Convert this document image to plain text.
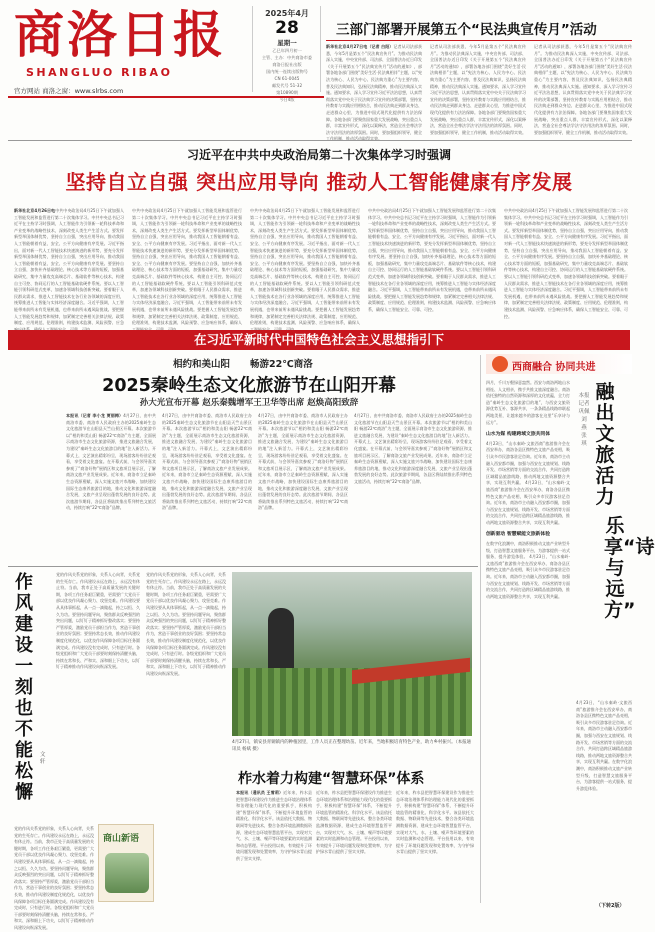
商洛日报
SHANGLUO RIBAO
官方网站 商洛之窗：www.slrbs.com
2025年4月
28
星期一
乙巳年四月初一
主管、主办：中共商洛市委
商洛日报社出版
国内统一连续出版物号
CN 61-0045
邮发代号 51-32
第10890期
今日4版
三部门部署开展第五个“民法典宣传月”活动
新华社北京4月27日电（记者 白阳）记者从司法部获悉，今年5月是第五个“民法典宣传月”。为推动民法典深入实施，中央宣传部、司法部、全国普法办近日印发《关于开展第五个“民法典宣传月”活动的通知》，部署各地各部门围绕“美好生活·民法典相伴”主题，以“宪法为核心、人民为中心、民法典为重心”为主要内容，普及民法典知识，弘扬民法典精神，推动民法典深入实施。通知要求，深入学习宣传习近平法治思想，认真贯彻落实党中央关于民法典学习宣传的决策部署，坚持宣传教育与实践应用相结合，推动民法典走到群众身边、走进群众心里，为推进中国式现代化提供有力法治保障。各地各部门要聚焦国家重大发展战略，突出重点人群，丰富宣传形式，深化以案释法，营造全社会尊法学法守法用法的浓厚氛围。同时，要加强组织领导，健全工作机制，推动活动取得实效。
记者从司法部获悉，今年5月是第五个“民法典宣传月”。为推动民法典深入实施，中央宣传部、司法部、全国普法办近日印发《关于开展第五个“民法典宣传月”活动的通知》，部署各地各部门围绕“美好生活·民法典相伴”主题，以“宪法为核心、人民为中心、民法典为重心”为主要内容，普及民法典知识，弘扬民法典精神，推动民法典深入实施。通知要求，深入学习宣传习近平法治思想，认真贯彻落实党中央关于民法典学习宣传的决策部署，坚持宣传教育与实践应用相结合，推动民法典走到群众身边、走进群众心里，为推进中国式现代化提供有力法治保障。各地各部门要聚焦国家重大发展战略，突出重点人群，丰富宣传形式，深化以案释法，营造全社会尊法学法守法用法的浓厚氛围。同时，要加强组织领导，健全工作机制，推动活动取得实效。
记者从司法部获悉，今年5月是第五个“民法典宣传月”。为推动民法典深入实施，中央宣传部、司法部、全国普法办近日印发《关于开展第五个“民法典宣传月”活动的通知》，部署各地各部门围绕“美好生活·民法典相伴”主题，以“宪法为核心、人民为中心、民法典为重心”为主要内容，普及民法典知识，弘扬民法典精神，推动民法典深入实施。通知要求，深入学习宣传习近平法治思想，认真贯彻落实党中央关于民法典学习宣传的决策部署，坚持宣传教育与实践应用相结合，推动民法典走到群众身边、走进群众心里，为推进中国式现代化提供有力法治保障。各地各部门要聚焦国家重大发展战略，突出重点人群，丰富宣传形式，深化以案释法，营造全社会尊法学法守法用法的浓厚氛围。同时，要加强组织领导，健全工作机制，推动活动取得实效。
习近平在中共中央政治局第二十次集体学习时强调
坚持自立自强 突出应用导向 推动人工智能健康有序发展
新华社北京4月26日电中共中央政治局4月25日下午就加强人工智能发展和监管进行第二十次集体学习。中共中央总书记习近平在主持学习时强调，人工智能作为引领新一轮科技革命和产业变革的战略性技术，深刻改变人类生产生活方式。要发挥新型举国体制优势，坚持自立自强，突出应用导向，推动我国人工智能朝着有益、安全、公平方向健康有序发展。习近平指出，面对新一代人工智能技术快速演进的新形势，要充分发挥新型举国体制优势，坚持自立自强，突出应用导向，推动我国人工智能朝着有益、安全、公平方向健康有序发展。要坚持自立自强，加快补齐基础理论、核心技术等方面的短板，加强基础研究，集中力量攻克高端芯片、基础软件等核心技术，构建自主可控、协同运行的人工智能基础软硬件系统。要以人工智能引领科研范式变革，加速各领域科技创新突破。要着眼于人民群众需求，推进人工智能技术在各行业各领域的深度应用，统筹推进人工智能与实体经济深度融合。习近平强调，人工智能带来前所未有发展机遇，也带来前所未遇风险挑战。要把握人工智能发展趋势和规律，加紧制定完善相关法律法规、政策制度、应用规范、伦理准则，构建技术监测、风险预警、应急
中共中央政治局4月25日下午就加强人工智能发展和监管进行第二十次集体学习。中共中央总书记习近平在主持学习时强调，人工智能作为引领新一轮科技革命和产业变革的战略性技术，深刻改变人类生产生活方式。要发挥新型举国体制优势，坚持自立自强，突出应用导向，推动我国人工智能朝着有益、安全、公平方向健康有序发展。习近平指出，面对新一代人工智能技术快速演进的新形势，要充分发挥新型举国体制优势，坚持自立自强，突出应用导向，推动我国人工智能朝着有益、安全、公平方向健康有序发展。要坚持自立自强，加快补齐基础理论、核心技术等方面的短板，加强基础研究，集中力量攻克高端芯片、基础软件等核心技术，构建自主可控、协同运行的人工智能基础软硬件系统。要以人工智能引领科研范式变革，加速各领域科技创新突破。要着眼于人民群众需求，推进人工智能技术在各行业各领域的深度应用，统筹推进人工智能与实体经济深度融合。习近平强调，人工智能带来前所未有发展机遇，也带来前所未遇风险挑战。要把握人工智能发展趋势和规律，加紧制定完善相关法律法规、政策制度、应用规范、伦理准则，构建技术监测、风险预警、应急响应体系，确保人
中共中央政治局4月25日下午就加强人工智能发展和监管进行第二十次集体学习。中共中央总书记习近平在主持学习时强调，人工智能作为引领新一轮科技革命和产业变革的战略性技术，深刻改变人类生产生活方式。要发挥新型举国体制优势，坚持自立自强，突出应用导向，推动我国人工智能朝着有益、安全、公平方向健康有序发展。习近平指出，面对新一代人工智能技术快速演进的新形势，要充分发挥新型举国体制优势，坚持自立自强，突出应用导向，推动我国人工智能朝着有益、安全、公平方向健康有序发展。要坚持自立自强，加快补齐基础理论、核心技术等方面的短板，加强基础研究，集中力量攻克高端芯片、基础软件等核心技术，构建自主可控、协同运行的人工智能基础软硬件系统。要以人工智能引领科研范式变革，加速各领域科技创新突破。要着眼于人民群众需求，推进人工智能技术在各行业各领域的深度应用，统筹推进人工智能与实体经济深度融合。习近平强调，人工智能带来前所未有发展机遇，也带来前所未遇风险挑战。要把握人工智能发展趋势和规律，加紧制定完善相关法律法规、政策制度、应用规范、伦理准则，构建技术监测、风险预警、应急响应体系，确保人
中共中央政治局4月25日下午就加强人工智能发展和监管进行第二十次集体学习。中共中央总书记习近平在主持学习时强调，人工智能作为引领新一轮科技革命和产业变革的战略性技术，深刻改变人类生产生活方式。要发挥新型举国体制优势，坚持自立自强，突出应用导向，推动我国人工智能朝着有益、安全、公平方向健康有序发展。习近平指出，面对新一代人工智能技术快速演进的新形势，要充分发挥新型举国体制优势，坚持自立自强，突出应用导向，推动我国人工智能朝着有益、安全、公平方向健康有序发展。要坚持自立自强，加快补齐基础理论、核心技术等方面的短板，加强基础研究，集中力量攻克高端芯片、基础软件等核心技术，构建自主可控、协同运行的人工智能基础软硬件系统。要以人工智能引领科研范式变革，加速各领域科技创新突破。要着眼于人民群众需求，推进人工智能技术在各行业各领域的深度应用，统筹推进人工智能与实体经济深度融合。习近平强调，人工智能带来前所未有发展机遇，也带来前所未遇风险挑战。要把握人工智能发展趋势和规律，加紧制定完善相关法律法规、政策制度、应用规范、伦理准则，构建技术监测、风险预警、应急响应体系，确保人工智能安全、可靠、可控。
中共中央政治局4月25日下午就加强人工智能发展和监管进行第二十次集体学习。中共中央总书记习近平在主持学习时强调，人工智能作为引领新一轮科技革命和产业变革的战略性技术，深刻改变人类生产生活方式。要发挥新型举国体制优势，坚持自立自强，突出应用导向，推动我国人工智能朝着有益、安全、公平方向健康有序发展。习近平指出，面对新一代人工智能技术快速演进的新形势，要充分发挥新型举国体制优势，坚持自立自强，突出应用导向，推动我国人工智能朝着有益、安全、公平方向健康有序发展。要坚持自立自强，加快补齐基础理论、核心技术等方面的短板，加强基础研究，集中力量攻克高端芯片、基础软件等核心技术，构建自主可控、协同运行的人工智能基础软硬件系统。要以人工智能引领科研范式变革，加速各领域科技创新突破。要着眼于人民群众需求，推进人工智能技术在各行业各领域的深度应用，统筹推进人工智能与实体经济深度融合。习近平强调，人工智能带来前所未有发展机遇，也带来前所未遇风险挑战。要把握人工智能发展趋势和规律，加紧制定完善相关法律法规、政策制度、应用规范、伦理准则，构建技术监测、风险预警、应急响应体系，确保人工智能安全、可靠、可控。
在习近平新时代中国特色社会主义思想指引下
相约和美山阳 畅游22℃商洛
2025秦岭生态文化旅游节在山阳开幕
孙大光宣布开幕 赵乐秦魏增军王卫华等出席 赵焕高阳致辞
本报讯（记者 李小龙 贾丽梅）4月27日，由中共商洛市委、商洛市人民政府主办的2025秦岭生态文化旅游节在山阳县天竺山景区开幕。本次旅游节以“相约和美山阳 畅游22℃商洛”为主题，全面展示商洛市生态文化旅游资源，推进文旅融合发展，为建设“秦岭生态文化旅游目的地”注入新活力。开幕式上，文艺演出精彩纷呈，现场游客纷纷驻足观看，享受着文化盛宴。在开幕式前，与会领导嘉宾参观了“商洛好物”展销区和文旅项目展示区，了解商洛文旅产业发展成果。近年来，商洛市立足秦岭生态资源禀赋，深入实施文旅兴市战略，加快建设国际生态康养旅游目的地，推动文化和旅游深度融合发展，文旅产业呈现出蓬勃发展的良好态势。此次旅游节期间，各县区将陆续推出系列特色文旅活动，持续打响“22℃商洛”品牌。
4月27日，由中共商洛市委、商洛市人民政府主办的2025秦岭生态文化旅游节在山阳县天竺山景区开幕。本次旅游节以“相约和美山阳 畅游22℃商洛”为主题，全面展示商洛市生态文化旅游资源，推进文旅融合发展，为建设“秦岭生态文化旅游目的地”注入新活力。开幕式上，文艺演出精彩纷呈，现场游客纷纷驻足观看，享受着文化盛宴。在开幕式前，与会领导嘉宾参观了“商洛好物”展销区和文旅项目展示区，了解商洛文旅产业发展成果。近年来，商洛市立足秦岭生态资源禀赋，深入实施文旅兴市战略，加快建设国际生态康养旅游目的地，推动文化和旅游深度融合发展，文旅产业呈现出蓬勃发展的良好态势。此次旅游节期间，各县区将陆续推出系列特色文旅活动，持续打响“22℃商洛”品牌。
4月27日，由中共商洛市委、商洛市人民政府主办的2025秦岭生态文化旅游节在山阳县天竺山景区开幕。本次旅游节以“相约和美山阳 畅游22℃商洛”为主题，全面展示商洛市生态文化旅游资源，推进文旅融合发展，为建设“秦岭生态文化旅游目的地”注入新活力。开幕式上，文艺演出精彩纷呈，现场游客纷纷驻足观看，享受着文化盛宴。在开幕式前，与会领导嘉宾参观了“商洛好物”展销区和文旅项目展示区，了解商洛文旅产业发展成果。近年来，商洛市立足秦岭生态资源禀赋，深入实施文旅兴市战略，加快建设国际生态康养旅游目的地，推动文化和旅游深度融合发展，文旅产业呈现出蓬勃发展的良好态势。此次旅游节期间，各县区将陆续推出系列特色文旅活动，持续打响“22℃商洛”品牌。
4月27日，由中共商洛市委、商洛市人民政府主办的2025秦岭生态文化旅游节在山阳县天竺山景区开幕。本次旅游节以“相约和美山阳 畅游22℃商洛”为主题，全面展示商洛市生态文化旅游资源，推进文旅融合发展，为建设“秦岭生态文化旅游目的地”注入新活力。开幕式上，文艺演出精彩纷呈，现场游客纷纷驻足观看，享受着文化盛宴。在开幕式前，与会领导嘉宾参观了“商洛好物”展销区和文旅项目展示区，了解商洛文旅产业发展成果。近年来，商洛市立足秦岭生态资源禀赋，深入实施文旅兴市战略，加快建设国际生态康养旅游目的地，推动文化和旅游深度融合发展，文旅产业呈现出蓬勃发展的良好态势。此次旅游节期间，各县区将陆续推出系列特色文旅活动，持续打响“22℃商洛”品牌。
西商融合 协同共进
四月，千川万壑绿意盎然。西安与商洛两地山水相连、人文相亲，携手共推文旅深度融合。商洛依托独特的自然资源和深厚的文化底蕴，全力打造“秦岭生态文化旅游目的地”，与西安文旅资源优势互补、客源共享，一条条精品线路串联起两地美景，让越来越多的游客在这里“乐享诗与远方”。
山水为媒 构建跨域文旅共同体
4月23日，“山水秦岭·文旅西商”旅游推介会在西安举办，商洛各县区携特色文旅产品亮相，吸引众多市民游客驻足咨询。近年来，商洛市主动融入西安都市圈，加强与西安在文旅规划、线路开发、市场营销等方面的交流合作，共同打造跨区域精品旅游线路，推动两地文旅资源整合共享，实现互利共赢。 4月23日，“山水秦岭·文旅西商”旅游推介会在西安举办，商洛各县区携特色文旅产品亮相，吸引众多市民游客驻足咨询。近年来，商洛市主动融入西安都市圈，加强与西安在文旅规划、线路开发、市场营销等方面的交流合作，共同打造跨区域精品旅游线路，推动两地文旅资源整合共享，实现互利共赢。
创新驱动 智慧赋能文旅新体验
在数字化浪潮中，商洛积极推动文旅产业转型升级，打造智慧文旅服务平台，为游客提供一站式服务，提升游览体验。 4月23日，“山水秦岭·文旅西商”旅游推介会在西安举办，商洛各县区携特色文旅产品亮相，吸引众多市民游客驻足咨询。近年来，商洛市主动融入西安都市圈，加强与西安在文旅规划、线路开发、市场营销等方面的交流合作，共同打造跨区域精品旅游线路，推动两地文旅资源整合共享，实现互利共赢。
融出文旅活力
本报记者 巩佩 刘 燕 张 琪
乐享“诗与远方”
4月23日，“山水秦岭·文旅西商”旅游推介会在西安举办，商洛各县区携特色文旅产品亮相，吸引众多市民游客驻足咨询。近年来，商洛市主动融入西安都市圈，加强与西安在文旅规划、线路开发、市场营销等方面的交流合作，共同打造跨区域精品旅游线路，推动两地文旅资源整合共享，实现互利共赢。在数字化浪潮中，商洛积极推动文旅产业转型升级，打造智慧文旅服务平台，为游客提供一站式服务，提升游览体验。
作风建设一刻也不能松懈
文轩
党的作风关系党的形象，关系人心向背，关系党的生死存亡。作风建设永远在路上，永远没有休止符。当前，我市正处于高质量发展的关键时期，各项工作任务艰巨繁重，更需要广大党员干部以优良作风凝心聚力、攻坚克难。作风建设要从具体事抓起，从一点一滴做起，持之以恒、久久为功。要坚持问题导向，聚焦群众反映强烈的突出问题，以钉钉子精神抓好整改落实；要坚持严管厚爱，激励党员干部担当作为，营造干事创业的良好氛围；要坚持常态长效，推动作风建设制度化规范化，以优良作风保障各项目标任务圆满完成。作风建设没有完成时，只有进行时。各级党组织和广大党员干部要时刻保持清醒头脑，持续在常和长、严和实、深和细上下功夫，以钉钉子精神推动作风建设向纵深发展。
党的作风关系党的形象，关系人心向背，关系党的生死存亡。作风建设永远在路上，永远没有休止符。当前，我市正处于高质量发展的关键时期，各项工作任务艰巨繁重，更需要广大党员干部以优良作风凝心聚力、攻坚克难。作风建设要从具体事抓起，从一点一滴做起，持之以恒、久久为功。要坚持问题导向，聚焦群众反映强烈的突出问题，以钉钉子精神抓好整改落实；要坚持严管厚爱，激励党员干部担当作为，营造干事创业的良好氛围；要坚持常态长效，推动作风建设制度化规范化，以优良作风保障各项目标任务圆满完成。作风建设没有完成时，只有进行时。各级党组织和广大党员干部要时刻保持清醒头脑，持续在常和长、严和实、深和细上下功夫，以钉钉子精神推动作风建设向纵深发展。
商山新语
党的作风关系党的形象，关系人心向背，关系党的生死存亡。作风建设永远在路上，永远没有休止符。当前，我市正处于高质量发展的关键时期，各项工作任务艰巨繁重，更需要广大党员干部以优良作风凝心聚力、攻坚克难。作风建设要从具体事抓起，从一点一滴做起，持之以恒、久久为功。要坚持问题导向，聚焦群众反映强烈的突出问题，以钉钉子精神抓好整改落实；要坚持严管厚爱，激励党员干部担当作为，营造干事创业的良好氛围；要坚持常态长效，推动作风建设制度化规范化，以优良作风保障各项目标任务圆满完成。作风建设没有完成时，只有进行时。各级党组织和广大党员干部要时刻保持清醒头脑，持续在常和长、严和实、深和细上下功夫，以钉钉子精神推动作风建设向纵深发展。
4月27日，镇安县青铜镇内的种植园里，工作人员正在整理幼苗。近年来，当地积极培育特色产业，助力乡村振兴。（本报通讯员 杨斌 摄）
柞水着力构建“智慧环保”体系
本报讯（通讯员 王雪莉）近年来，柞水县把智慧环保建设作为推进生态环境治理体系和治理能力现代化的重要抓手，积极构建“智慧环保”体系，不断提升环境监管的精准化、科学化水平。该县依托大数据、物联网等先进技术，整合各类环境监测数据资源，建成生态环境智慧监管平台，实现对大气、水、土壤、噪声等环境要素的实时监测和动态管理。平台投用以来，有效提升了环境问题发现和处置效率，为守护绿水青山提供了坚实支撑。
近年来，柞水县把智慧环保建设作为推进生态环境治理体系和治理能力现代化的重要抓手，积极构建“智慧环保”体系，不断提升环境监管的精准化、科学化水平。该县依托大数据、物联网等先进技术，整合各类环境监测数据资源，建成生态环境智慧监管平台，实现对大气、水、土壤、噪声等环境要素的实时监测和动态管理。平台投用以来，有效提升了环境问题发现和处置效率，为守护绿水青山提供了坚实支撑。
近年来，柞水县把智慧环保建设作为推进生态环境治理体系和治理能力现代化的重要抓手，积极构建“智慧环保”体系，不断提升环境监管的精准化、科学化水平。该县依托大数据、物联网等先进技术，整合各类环境监测数据资源，建成生态环境智慧监管平台，实现对大气、水、土壤、噪声等环境要素的实时监测和动态管理。平台投用以来，有效提升了环境问题发现和处置效率，为守护绿水青山提供了坚实支撑。
（下转2版）
